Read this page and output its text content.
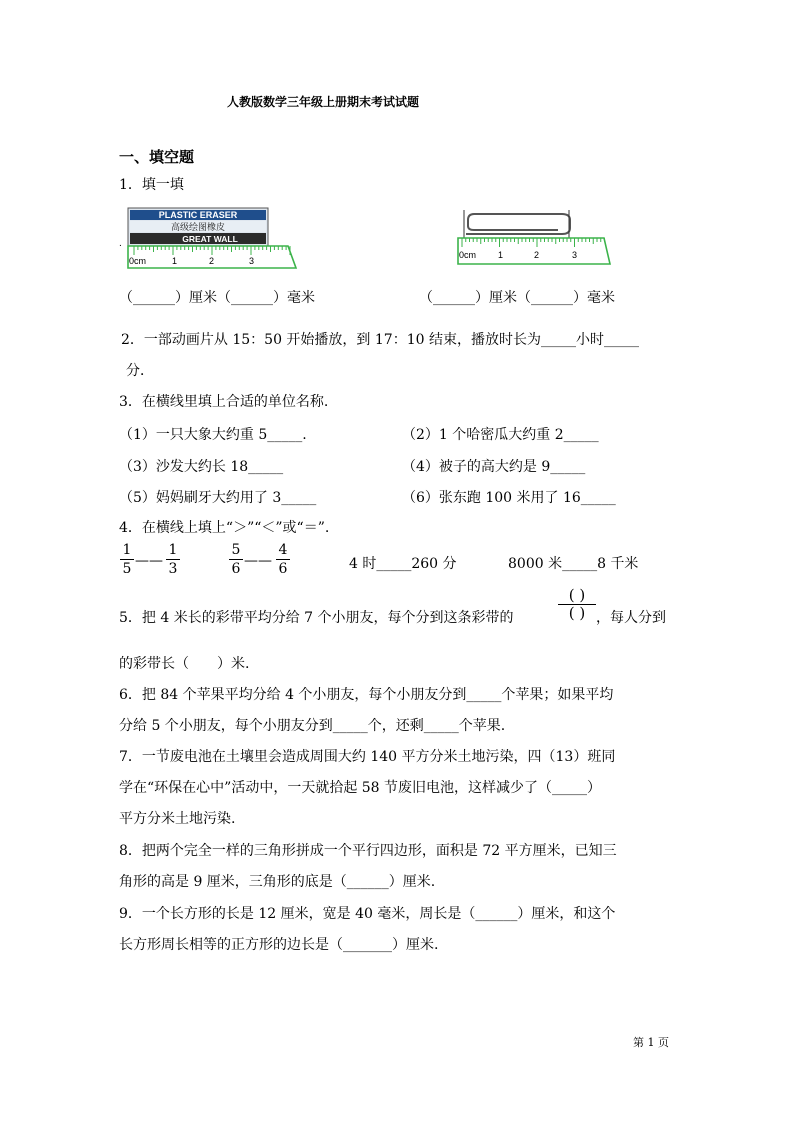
人教版数学三年级上册期末考试试题
一、填空题
1．填一填
PLASTIC ERASER
高级绘图橡皮
GREAT WALL
.
0cm	1	2	3
0cm 1	2	3
（______）厘米（______）毫米	（______）厘米（______）毫米
2．一部动画片从 15：50 开始播放，到 17：10 结束，播放时长为_____小时_____
分．
3．在横线里填上合适的单位名称.
（1）一只大象大约重 5_____.	（2）1 个哈密瓜大约重 2_____
（3）沙发大约长 18_____	（4）被子的高大约是 9_____
（5）妈妈刷牙大约用了 3_____	（6）张东跑 100 米用了 16_____
4．在横线上填上“＞”“＜”或“＝”.
1
5 ——
1
3
5
6 ——
4
6	4 时_____260 分	8000 米_____8 千米
5．把 4 米长的彩带平均分给 7 个小朋友，每个分到这条彩带的
( )
( ) ，每人分到
的彩带长（　　）米.
6．把 84 个苹果平均分给 4 个小朋友，每个小朋友分到_____个苹果；如果平均
分给 5 个小朋友，每个小朋友分到_____个，还剩_____个苹果.
7．一节废电池在土壤里会造成周围大约 140 平方分米土地污染，四（13）班同
学在“环保在心中”活动中，一天就拾起 58 节废旧电池，这样减少了（_____）
平方分米土地污染.
8．把两个完全一样的三角形拼成一个平行四边形，面积是 72 平方厘米，已知三
角形的高是 9 厘米，三角形的底是（______）厘米.
9．一个长方形的长是 12 厘米，宽是 40 毫米，周长是（______）厘米，和这个
长方形周长相等的正方形的边长是（_______）厘米.
第 1 页
